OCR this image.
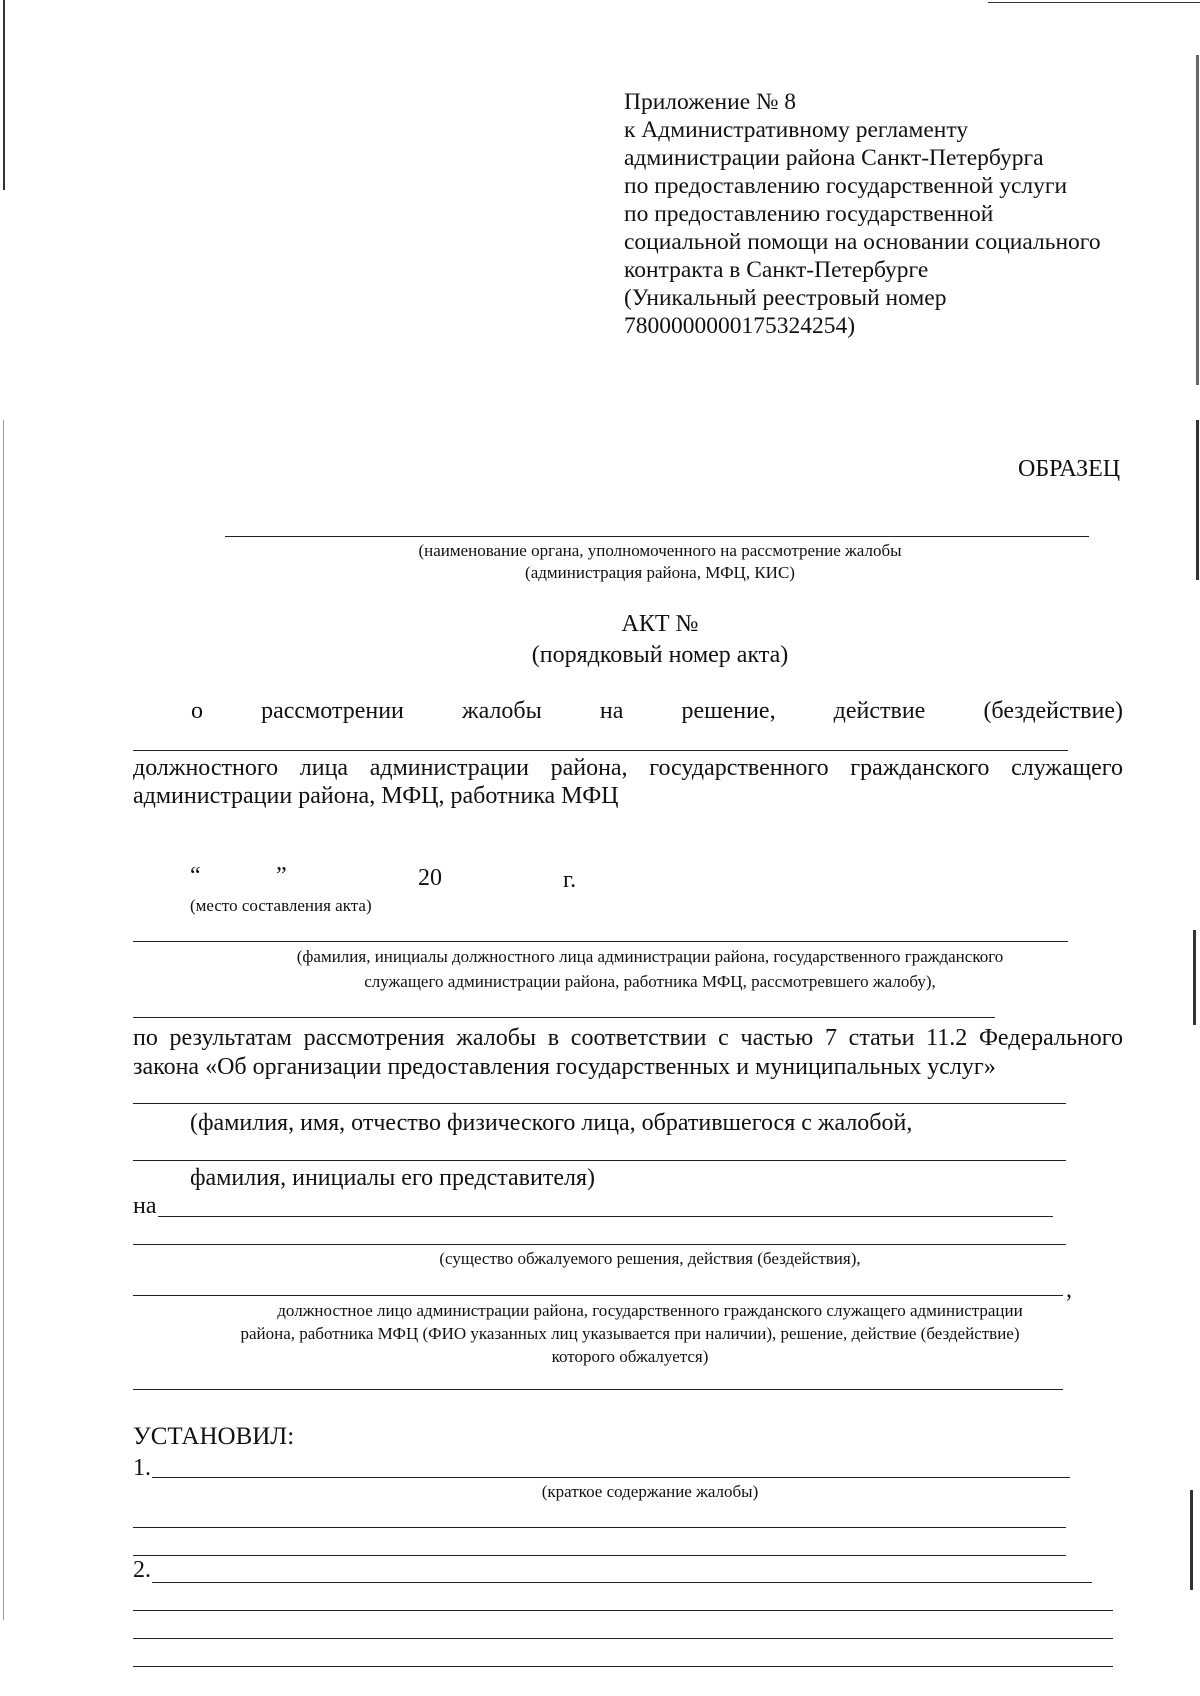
Приложение № 8
к Административному регламенту
администрации района Санкт-Петербурга
по предоставлению государственной услуги
по предоставлению государственной
социальной помощи на основании социального
контракта в Санкт-Петербурге
(Уникальный реестровый номер
7800000000175324254)
ОБРАЗЕЦ
(наименование органа, уполномоченного на рассмотрение жалобы
(администрация района, МФЦ, КИС)
АКТ №
(порядковый номер акта)
о рассмотрении жалобы на решение, действие (бездействие)
должностного лица администрации района, государственного гражданского служащего
администрации района, МФЦ, работника МФЦ
“	”	20	г.
(место составления акта)
(фамилия, инициалы должностного лица администрации района, государственного гражданского
служащего администрации района, работника МФЦ, рассмотревшего жалобу),
по результатам рассмотрения жалобы в соответствии с частью 7 статьи 11.2 Федерального
закона «Об организации предоставления государственных и муниципальных услуг»
(фамилия, имя, отчество физического лица, обратившегося с жалобой,
фамилия, инициалы его представителя)
на
(существо обжалуемого решения, действия (бездействия),
,
должностное лицо администрации района, государственного гражданского служащего администрации
района, работника МФЦ (ФИО указанных лиц указывается при наличии), решение, действие (бездействие)
которого обжалуется)
УСТАНОВИЛ:
1.
(краткое содержание жалобы)
2.
